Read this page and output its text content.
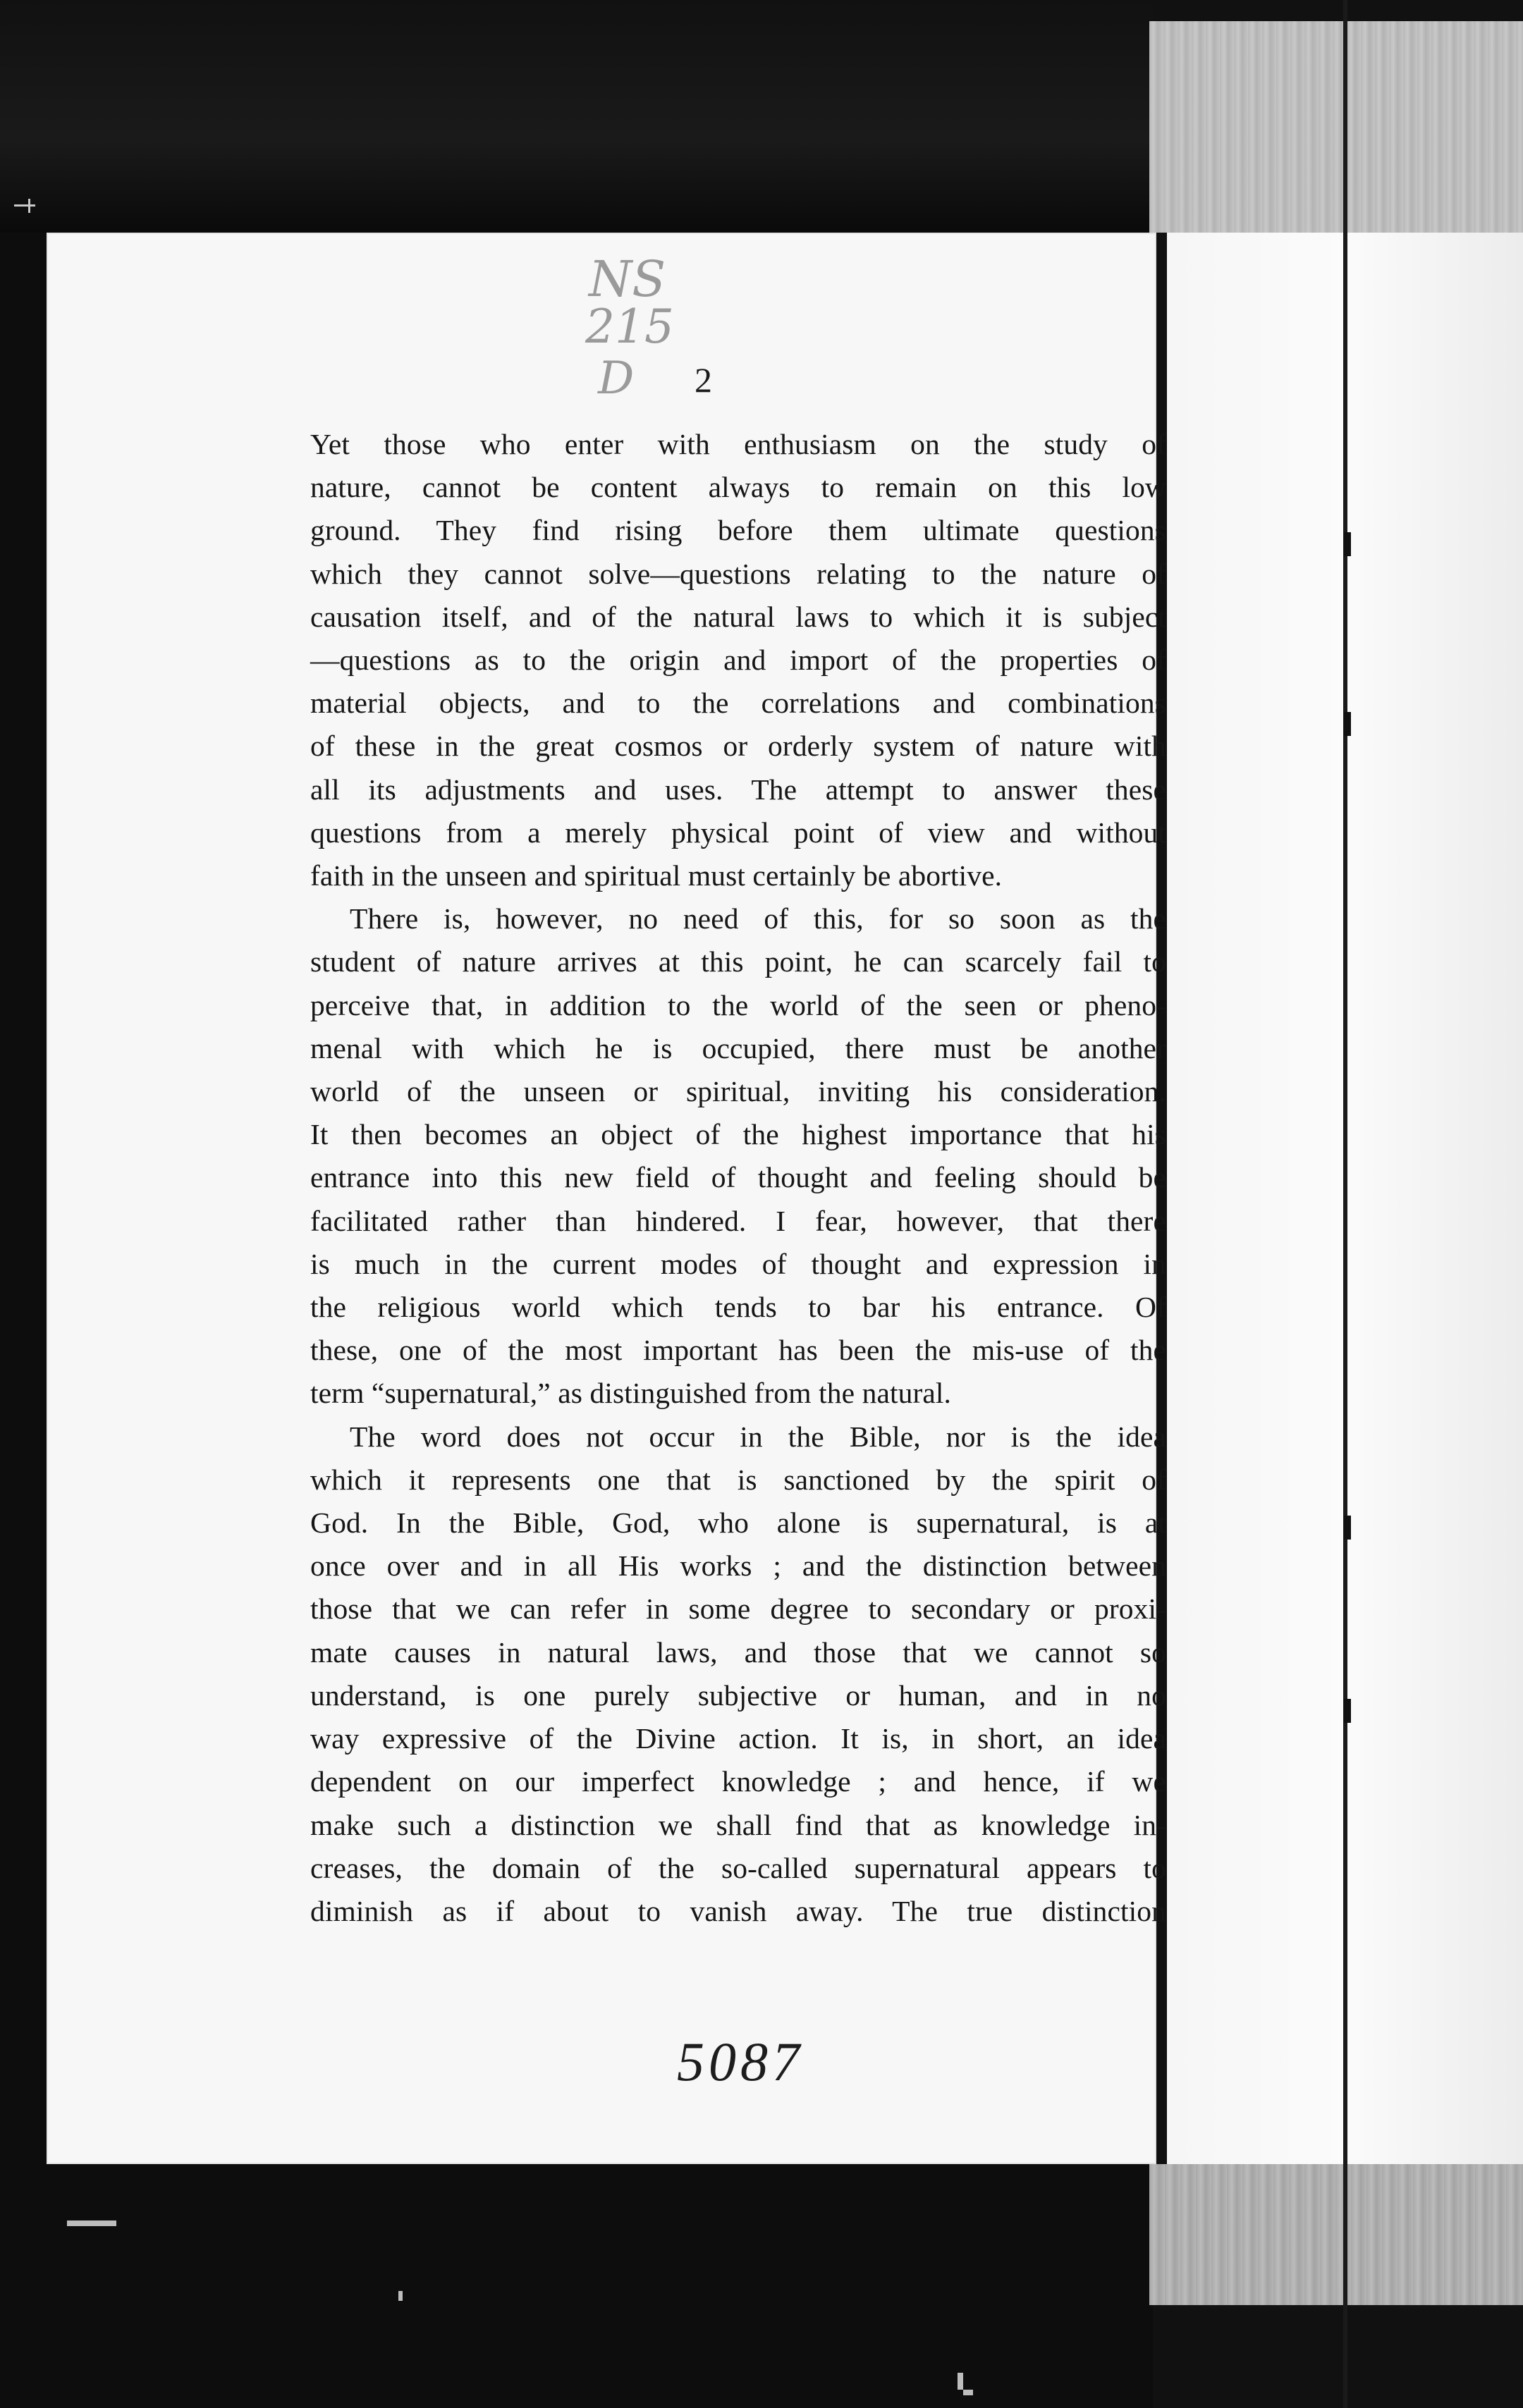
NS
215
D 2

Yet those who enter with enthusiasm on the study of
nature, cannot be content always to remain on this low
ground. They find rising before them ultimate questions
which they cannot solve—questions relating to the nature of
causation itself, and of the natural laws to which it is subject
—questions as to the origin and import of the properties of
material objects, and to the correlations and combinations
of these in the great cosmos or orderly system of nature with
all its adjustments and uses. The attempt to answer these
questions from a merely physical point of view and without
faith in the unseen and spiritual must certainly be abortive.

There is, however, no need of this, for so soon as the
student of nature arrives at this point, he can scarcely fail to
perceive that, in addition to the world of the seen or pheno-
menal with which he is occupied, there must be another
world of the unseen or spiritual, inviting his consideration.
It then becomes an object of the highest importance that his
entrance into this new field of thought and feeling should be
facilitated rather than hindered. I fear, however, that there
is much in the current modes of thought and expression in
the religious world which tends to bar his entrance. Of
these, one of the most important has been the mis-use of the
term “supernatural,” as distinguished from the natural.

The word does not occur in the Bible, nor is the idea
which it represents one that is sanctioned by the spirit of
God. In the Bible, God, who alone is supernatural, is at
once over and in all His works ; and the distinction between
those that we can refer in some degree to secondary or proxi-
mate causes in natural laws, and those that we cannot so
understand, is one purely subjective or human, and in no
way expressive of the Divine action. It is, in short, an idea
dependent on our imperfect knowledge ; and hence, if we
make such a distinction we shall find that as knowledge in-
creases, the domain of the so-called supernatural appears to
diminish as if about to vanish away. The true distinction

5087
